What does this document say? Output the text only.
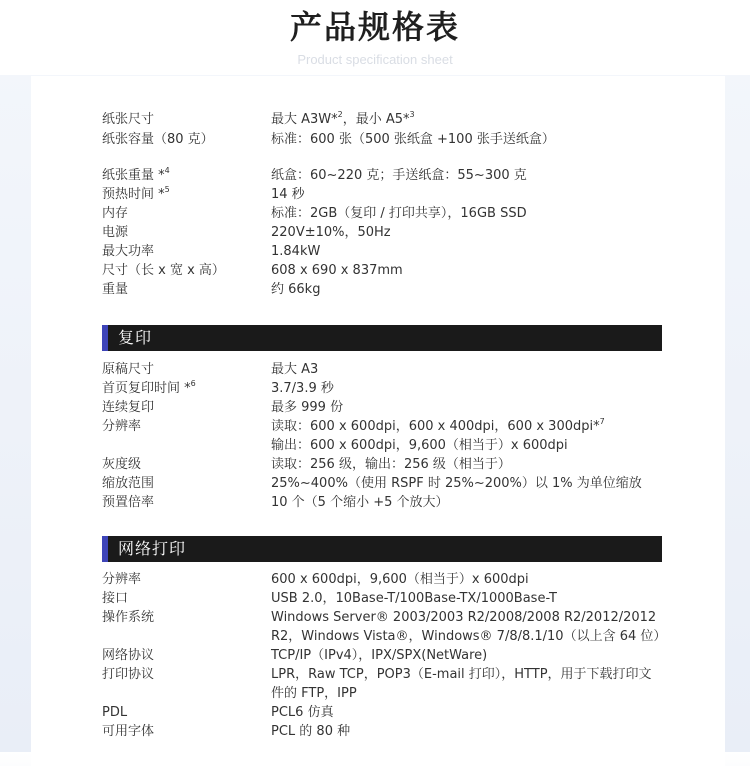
产品规格表
Product specification sheet
纸张尺寸	最大 A3W*$^2$，最小 A5*$^3$
纸张容量（80 克）	标准：600 张（500 张纸盒 +100 张手送纸盒）
纸张重量 *$^4$	纸盒：60~220 克；手送纸盒：55~300 克
预热时间 *$^5$	14 秒
内存	标准：2GB（复印 / 打印共享），16GB SSD
电源	220V±10%，50Hz
最大功率	1.84kW
尺寸（长 x 宽 x 高）	608 x 690 x 837mm
重量	约 66kg
复印
原稿尺寸	最大 A3
首页复印时间 *$^6$	3.7/3.9 秒
连续复印	最多 999 份
分辨率	读取：600 x 600dpi，600 x 400dpi，600 x 300dpi*$^7$
输出：600 x 600dpi，9,600（相当于）x 600dpi
灰度级	读取：256 级，输出：256 级（相当于）
缩放范围	25%~400%（使用 RSPF 时 25%~200%）以 1% 为单位缩放
预置倍率	10 个（5 个缩小 +5 个放大）
网络打印
分辨率	600 x 600dpi，9,600（相当于）x 600dpi
接口	USB 2.0，10Base-T/100Base-TX/1000Base-T
操作系统	Windows Server® 2003/2003 R2/2008/2008 R2/2012/2012
R2，Windows Vista®，Windows® 7/8/8.1/10（以上含 64 位）
网络协议	TCP/IP（IPv4），IPX/SPX(NetWare)
打印协议	LPR，Raw TCP，POP3（E-mail 打印），HTTP，用于下载打印文
件的 FTP，IPP
PDL	PCL6 仿真
可用字体	PCL 的 80 种
